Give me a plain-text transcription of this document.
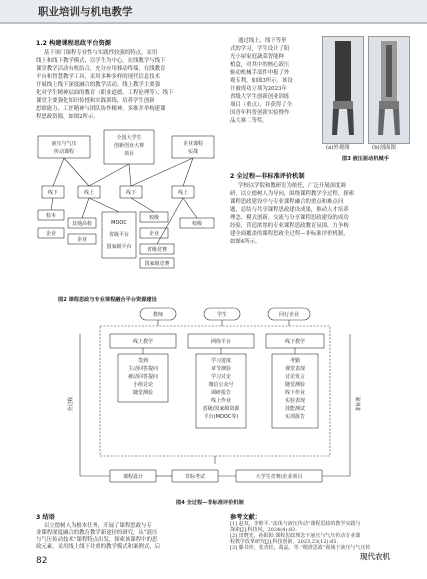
职业培训与机电教学
1.2 构建课程思政平台资源
基于该门课程专业性与实践性较强的特点，采用
线上和线下教学模式，以学生为中心，在线教学与线下
课堂教学活动有机结合，充分应用移动终端，在线教育
平台和智慧教学工具，采用多种多样的现代信息技术
开展线上线下深度融合的教学活动。线上教学主要强
化对学生精神层面的教育（职业道德、工程伦理等），线下
课堂主要强化知识传授和实践训练，培养学生创新
思维能力、工匠精神与团队协作精神，多维并举构建课
程思政资源，如图2所示。
液压与气压
传动课程
全国大学生
创新创业大赛
项目
企业课程
实战
线下	线上	线下	线上
校本
企业
其他高校
企业
MOOC
省级平台
国家级平台
校级
企业
省级竞赛
国家级竞赛
校级
图2 课程思政与专业课程融合平台资源建设
通过线上、线下等形
式的学习，学生设计了阳
光小屋家庭蔬菜智能种
植盒，对其中的核心液压
驱动机械手部件申报了外
观专利，如图3所示。该设
计被成功立项为2023年
省级大学生创新创业训练
项目（重点），并获得了全
国青年科普创新实验暨作
品大赛二等奖。
(a)外观图	(b)剖面图
图3 液压驱动机械手
2 全过程—非标准评价机制
学校以学院和教研室为依托，广泛开展深度调
研，以立德树人为导向，围绕课程教学全过程，探索
课程思政建设中与专业课程融合的重点和难点问
题，总结与共享课程思政建设成果，推动人才培养
理念、模式创新。交流与分享课程思政建设的成功
经验，营造浓厚的专业课程思政教育氛围，力争构
建全面覆盖的课程思政全过程—非标准评价机制，
如图4所示。
教师	学生	同行企业
线上教学	网络平台	线下教学
签到
主动回答提问
被动回答提问
小组讨论
随堂测验
学习进度
章节测验
学习讨论
微信公众号
调研报告
线上作业
省级/国家级资源
平台(MOOC等)
考勤
课堂表现
讨论发言
随堂测验
线下作业
实验表现
技能测试
实训报告
课程设计	非标考试	大学生竞赛/企业项目
全过程	非标准
图4 全过程—非标准评价机制
3 结语
以立德树人为根本任务，开展了课程思政与专
业课程深度融合的教育教学新途径的研究，从“液压
与气压传动技术”课程特点出发，探索该课程中的思
政元素，采用线上线下并重的教学模式和案例式、启
参考文献：
[1] 赵双，李维平.“流体与液压传动”课程思政的教学实践与
探索[J].科技风，2024(4):83.
[2] 田晓光，孙阳阳.课程思政理念下液压与气压传动专业课
程教学改革研究[J].科技创新，2023,23(12):85.
[3] 滕书珍，张青松，葛晶，等.“精准思政”视域下液压与气压传
82	现代农机
